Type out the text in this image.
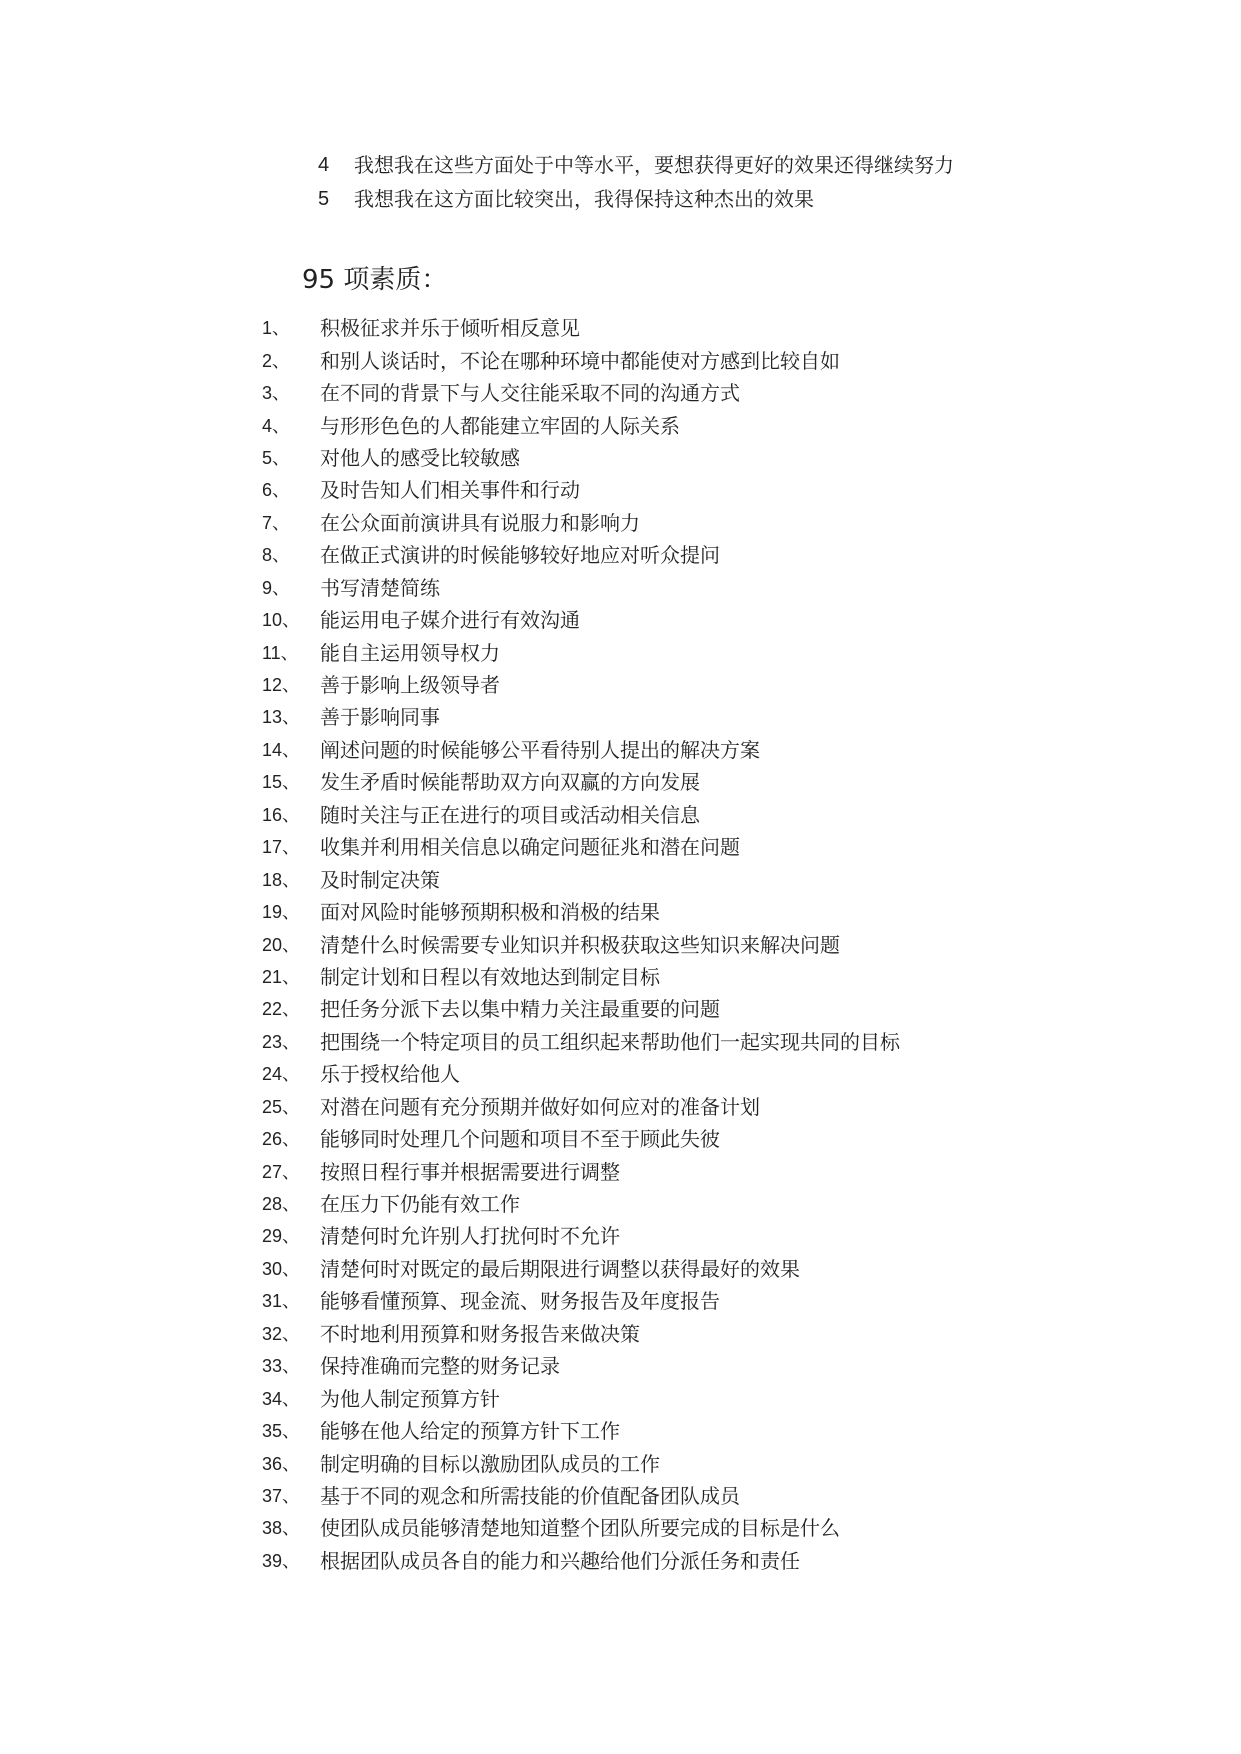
4	我想我在这些方面处于中等水平，要想获得更好的效果还得继续努力
5	我想我在这方面比较突出，我得保持这种杰出的效果
95 项素质：
1、	积极征求并乐于倾听相反意见
2、	和别人谈话时，不论在哪种环境中都能使对方感到比较自如
3、	在不同的背景下与人交往能采取不同的沟通方式
4、	与形形色色的人都能建立牢固的人际关系
5、	对他人的感受比较敏感
6、	及时告知人们相关事件和行动
7、	在公众面前演讲具有说服力和影响力
8、	在做正式演讲的时候能够较好地应对听众提问
9、	书写清楚简练
10、 能运用电子媒介进行有效沟通
11、	能自主运用领导权力
12、 善于影响上级领导者
13、 善于影响同事
14、 阐述问题的时候能够公平看待别人提出的解决方案
15、 发生矛盾时候能帮助双方向双赢的方向发展
16、 随时关注与正在进行的项目或活动相关信息
17、 收集并利用相关信息以确定问题征兆和潜在问题
18、 及时制定决策
19、 面对风险时能够预期积极和消极的结果
20、 清楚什么时候需要专业知识并积极获取这些知识来解决问题
21、 制定计划和日程以有效地达到制定目标
22、 把任务分派下去以集中精力关注最重要的问题
23、 把围绕一个特定项目的员工组织起来帮助他们一起实现共同的目标
24、 乐于授权给他人
25、 对潜在问题有充分预期并做好如何应对的准备计划
26、 能够同时处理几个问题和项目不至于顾此失彼
27、 按照日程行事并根据需要进行调整
28、 在压力下仍能有效工作
29、 清楚何时允许别人打扰何时不允许
30、 清楚何时对既定的最后期限进行调整以获得最好的效果
31、 能够看懂预算、现金流、财务报告及年度报告
32、 不时地利用预算和财务报告来做决策
33、 保持准确而完整的财务记录
34、 为他人制定预算方针
35、 能够在他人给定的预算方针下工作
36、 制定明确的目标以激励团队成员的工作
37、 基于不同的观念和所需技能的价值配备团队成员
38、 使团队成员能够清楚地知道整个团队所要完成的目标是什么
39、 根据团队成员各自的能力和兴趣给他们分派任务和责任
